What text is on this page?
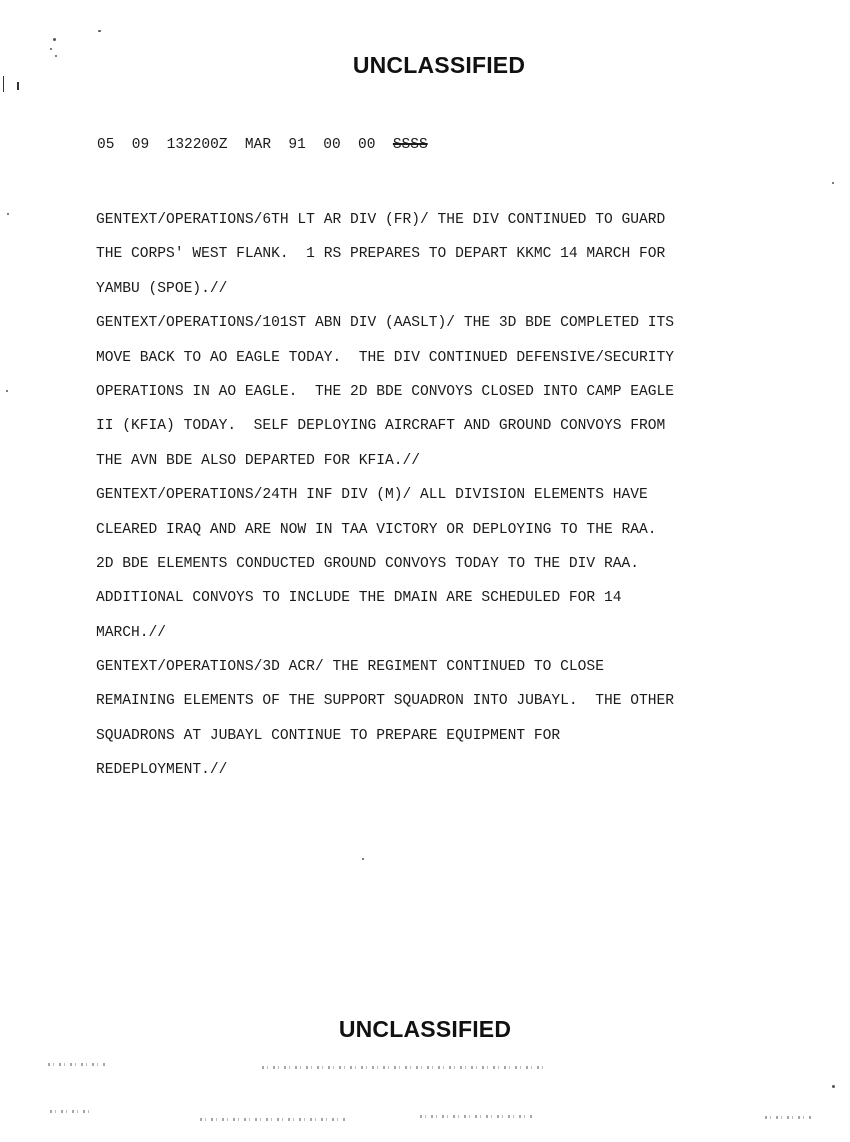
UNCLASSIFIED
05  09  132200Z  MAR  91  00  00  SSSS
GENTEXT/OPERATIONS/6TH LT AR DIV (FR)/ THE DIV CONTINUED TO GUARD
THE CORPS' WEST FLANK.  1 RS PREPARES TO DEPART KKMC 14 MARCH FOR
YAMBU (SPOE).//
GENTEXT/OPERATIONS/101ST ABN DIV (AASLT)/ THE 3D BDE COMPLETED ITS
MOVE BACK TO AO EAGLE TODAY.  THE DIV CONTINUED DEFENSIVE/SECURITY
OPERATIONS IN AO EAGLE.  THE 2D BDE CONVOYS CLOSED INTO CAMP EAGLE
II (KFIA) TODAY.  SELF DEPLOYING AIRCRAFT AND GROUND CONVOYS FROM
THE AVN BDE ALSO DEPARTED FOR KFIA.//
GENTEXT/OPERATIONS/24TH INF DIV (M)/ ALL DIVISION ELEMENTS HAVE
CLEARED IRAQ AND ARE NOW IN TAA VICTORY OR DEPLOYING TO THE RAA.
2D BDE ELEMENTS CONDUCTED GROUND CONVOYS TODAY TO THE DIV RAA.
ADDITIONAL CONVOYS TO INCLUDE THE DMAIN ARE SCHEDULED FOR 14
MARCH.//
GENTEXT/OPERATIONS/3D ACR/ THE REGIMENT CONTINUED TO CLOSE
REMAINING ELEMENTS OF THE SUPPORT SQUADRON INTO JUBAYL.  THE OTHER
SQUADRONS AT JUBAYL CONTINUE TO PREPARE EQUIPMENT FOR
REDEPLOYMENT.//
UNCLASSIFIED
